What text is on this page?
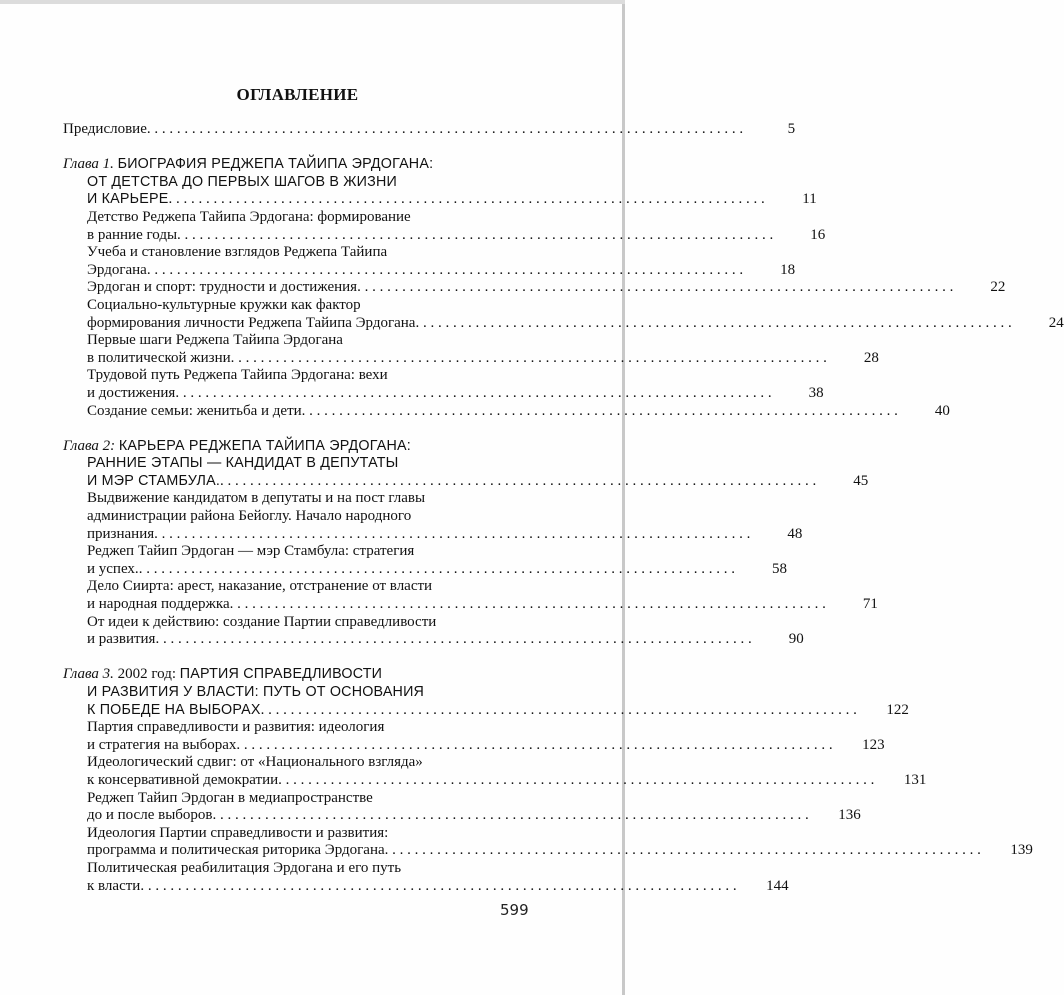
ОГЛАВЛЕНИЕ
Предисловие . . . . . . . . . . . . . . . . . . . . . . . . . . . . . . . . . . . . . . . . . . . . . . . . . . . . . . . . . . . . . . . . . . . . . . . . . . . . . . . .	5
Глава 1.
БИОГРАФИЯ РЕДЖЕПА ТАЙИПА ЭРДОГАНА:
ОТ ДЕТСТВА ДО ПЕРВЫХ ШАГОВ В ЖИЗНИ
И КАРЬЕРЕ . . . . . . . . . . . . . . . . . . . . . . . . . . . . . . . . . . . . . . . . . . . . . . . . . . . . . . . . . . . . . . . . . . . . . . . . . . . . . . . .	11
Детство Реджепа Тайипа Эрдогана: формирование
в ранние годы . . . . . . . . . . . . . . . . . . . . . . . . . . . . . . . . . . . . . . . . . . . . . . . . . . . . . . . . . . . . . . . . . . . . . . . . . . . . . . . .	16
Учеба и становление взглядов Реджепа Тайипа
Эрдогана . . . . . . . . . . . . . . . . . . . . . . . . . . . . . . . . . . . . . . . . . . . . . . . . . . . . . . . . . . . . . . . . . . . . . . . . . . . . . . . .	18
Эрдоган и спорт: трудности и достижения . . . . . . . . . . . . . . . . . . . . . . . . . . . . . . . . . . . . . . . . . . . . . . . . . . . . . . . . . . . . . . . . . . . . . . . . . . . . . . . .	22
Социально-культурные кружки как фактор
формирования личности Реджепа Тайипа Эрдогана . . . . . . . . . . . . . . . . . . . . . . . . . . . . . . . . . . . . . . . . . . . . . . . . . . . . . . . . . . . . . . . . . . . . . . . . . . . . . . . .	24
Первые шаги Реджепа Тайипа Эрдогана
в политической жизни . . . . . . . . . . . . . . . . . . . . . . . . . . . . . . . . . . . . . . . . . . . . . . . . . . . . . . . . . . . . . . . . . . . . . . . . . . . . . . . .	28
Трудовой путь Реджепа Тайипа Эрдогана: вехи
и достижения . . . . . . . . . . . . . . . . . . . . . . . . . . . . . . . . . . . . . . . . . . . . . . . . . . . . . . . . . . . . . . . . . . . . . . . . . . . . . . . .	38
Создание семьи: женитьба и дети . . . . . . . . . . . . . . . . . . . . . . . . . . . . . . . . . . . . . . . . . . . . . . . . . . . . . . . . . . . . . . . . . . . . . . . . . . . . . . . .	40
Глава 2:
КАРЬЕРА РЕДЖЕПА ТАЙИПА ЭРДОГАНА:
РАННИЕ ЭТАПЫ — КАНДИДАТ В ДЕПУТАТЫ
И МЭР СТАМБУЛА. . . . . . . . . . . . . . . . . . . . . . . . . . . . . . . . . . . . . . . . . . . . . . . . . . . . . . . . . . . . . . . . . . . . . . . . . . . . . . . . .	45
Выдвижение кандидатом в депутаты и на пост главы
администрации района Бейоглу. Начало народного
признания . . . . . . . . . . . . . . . . . . . . . . . . . . . . . . . . . . . . . . . . . . . . . . . . . . . . . . . . . . . . . . . . . . . . . . . . . . . . . . . .	48
Реджеп Тайип Эрдоган — мэр Стамбула: стратегия
и успех. . . . . . . . . . . . . . . . . . . . . . . . . . . . . . . . . . . . . . . . . . . . . . . . . . . . . . . . . . . . . . . . . . . . . . . . . . . . . . . . .	58
Дело Сиирта: арест, наказание, отстранение от власти
и народная поддержка . . . . . . . . . . . . . . . . . . . . . . . . . . . . . . . . . . . . . . . . . . . . . . . . . . . . . . . . . . . . . . . . . . . . . . . . . . . . . . . .	71
От идеи к действию: создание Партии справедливости
и развития . . . . . . . . . . . . . . . . . . . . . . . . . . . . . . . . . . . . . . . . . . . . . . . . . . . . . . . . . . . . . . . . . . . . . . . . . . . . . . . .	90
Глава 3.
2002 год:
ПАРТИЯ СПРАВЕДЛИВОСТИ
И РАЗВИТИЯ У ВЛАСТИ: ПУТЬ ОТ ОСНОВАНИЯ
К ПОБЕДЕ НА ВЫБОРАХ . . . . . . . . . . . . . . . . . . . . . . . . . . . . . . . . . . . . . . . . . . . . . . . . . . . . . . . . . . . . . . . . . . . . . . . . . . . . . . . .	122
Партия справедливости и развития: идеология
и стратегия на выборах . . . . . . . . . . . . . . . . . . . . . . . . . . . . . . . . . . . . . . . . . . . . . . . . . . . . . . . . . . . . . . . . . . . . . . . . . . . . . . . .	123
Идеологический сдвиг: от «Национального взгляда»
к консервативной демократии . . . . . . . . . . . . . . . . . . . . . . . . . . . . . . . . . . . . . . . . . . . . . . . . . . . . . . . . . . . . . . . . . . . . . . . . . . . . . . . .	131
Реджеп Тайип Эрдоган в медиапространстве
до и после выборов . . . . . . . . . . . . . . . . . . . . . . . . . . . . . . . . . . . . . . . . . . . . . . . . . . . . . . . . . . . . . . . . . . . . . . . . . . . . . . . .	136
Идеология Партии справедливости и развития:
программа и политическая риторика Эрдогана . . . . . . . . . . . . . . . . . . . . . . . . . . . . . . . . . . . . . . . . . . . . . . . . . . . . . . . . . . . . . . . . . . . . . . . . . . . . . . . .	139
Политическая реабилитация Эрдогана и его путь
к власти . . . . . . . . . . . . . . . . . . . . . . . . . . . . . . . . . . . . . . . . . . . . . . . . . . . . . . . . . . . . . . . . . . . . . . . . . . . . . . . .	144
599
